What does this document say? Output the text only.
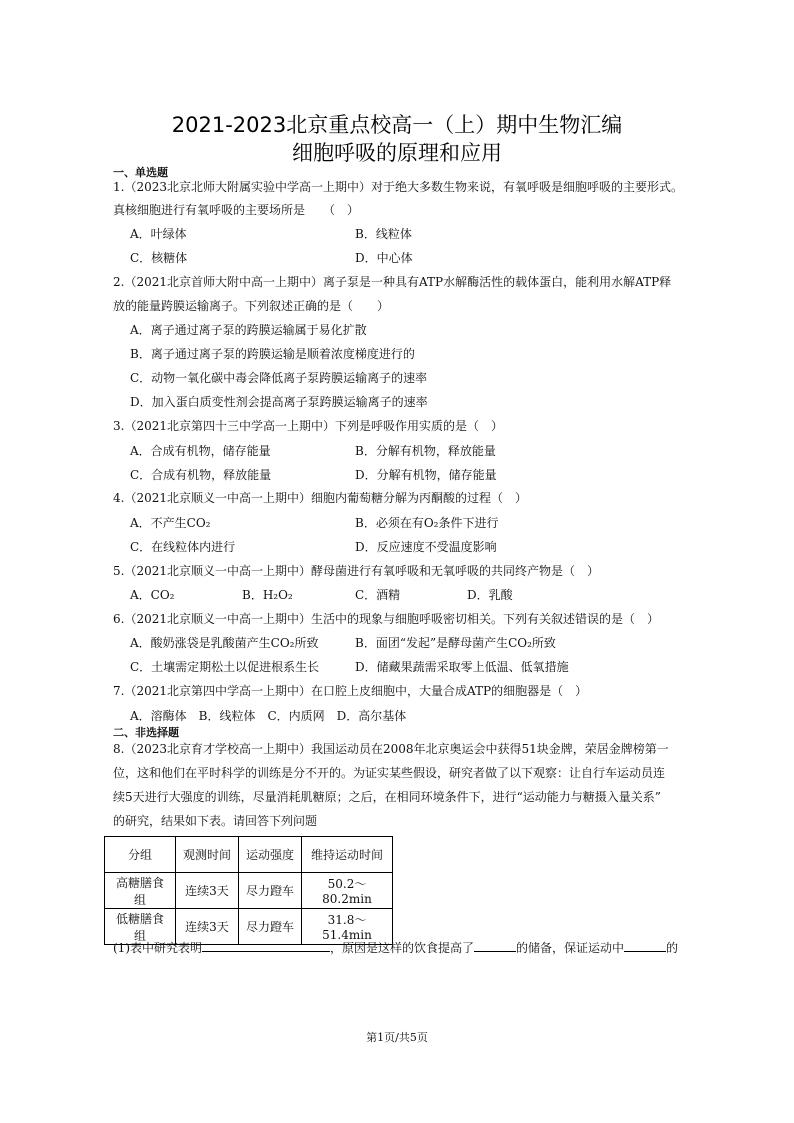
2021-2023北京重点校高一（上）期中生物汇编
细胞呼吸的原理和应用
一、单选题
1.（2023北京北师大附属实验中学高一上期中）对于绝大多数生物来说，有氧呼吸是细胞呼吸的主要形式。
真核细胞进行有氧呼吸的主要场所是　　（　）
A．叶绿体	B．线粒体
C．核糖体	D．中心体
2.（2021北京首师大附中高一上期中）离子泵是一种具有ATP水解酶活性的载体蛋白，能利用水解ATP释
放的能量跨膜运输离子。下列叙述正确的是（　　）
A．离子通过离子泵的跨膜运输属于易化扩散
B．离子通过离子泵的跨膜运输是顺着浓度梯度进行的
C．动物一氧化碳中毒会降低离子泵跨膜运输离子的速率
D．加入蛋白质变性剂会提高离子泵跨膜运输离子的速率
3.（2021北京第四十三中学高一上期中）下列是呼吸作用实质的是（　）
A．合成有机物，储存能量	B．分解有机物，释放能量
C．合成有机物，释放能量	D．分解有机物，储存能量
4.（2021北京顺义一中高一上期中）细胞内葡萄糖分解为丙酮酸的过程（　）
A．不产生CO₂	B．必须在有O₂条件下进行
C．在线粒体内进行	D．反应速度不受温度影响
5.（2021北京顺义一中高一上期中）酵母菌进行有氧呼吸和无氧呼吸的共同终产物是（　）
A．CO₂	B．H₂O₂	C．酒精	D．乳酸
6.（2021北京顺义一中高一上期中）生活中的现象与细胞呼吸密切相关。下列有关叙述错误的是（　）
A．酸奶涨袋是乳酸菌产生CO₂所致	B．面团“发起”是酵母菌产生CO₂所致
C．土壤需定期松土以促进根系生长	D．储藏果蔬需采取零上低温、低氧措施
7.（2021北京第四中学高一上期中）在口腔上皮细胞中，大量合成ATP的细胞器是（　）
A．溶酶体　B．线粒体　C．内质网　D．高尔基体
二、非选择题
8.（2023北京育才学校高一上期中）我国运动员在2008年北京奥运会中获得51块金牌，荣居金牌榜第一
位，这和他们在平时科学的训练是分不开的。为证实某些假设，研究者做了以下观察：让自行车运动员连
续5天进行大强度的训练，尽量消耗肌糖原；之后，在相同环境条件下，进行“运动能力与糖摄入量关系”
的研究，结果如下表。请回答下列问题
分组	观测时间	运动强度	维持运动时间
高糖膳食组	连续3天	尽力蹬车	50.2～80.2min
低糖膳食组	连续3天	尽力蹬车	31.8～51.4min
(1)表中研究表明	，原因是这样的饮食提高了	的储备，保证运动中	的
第1页/共5页
